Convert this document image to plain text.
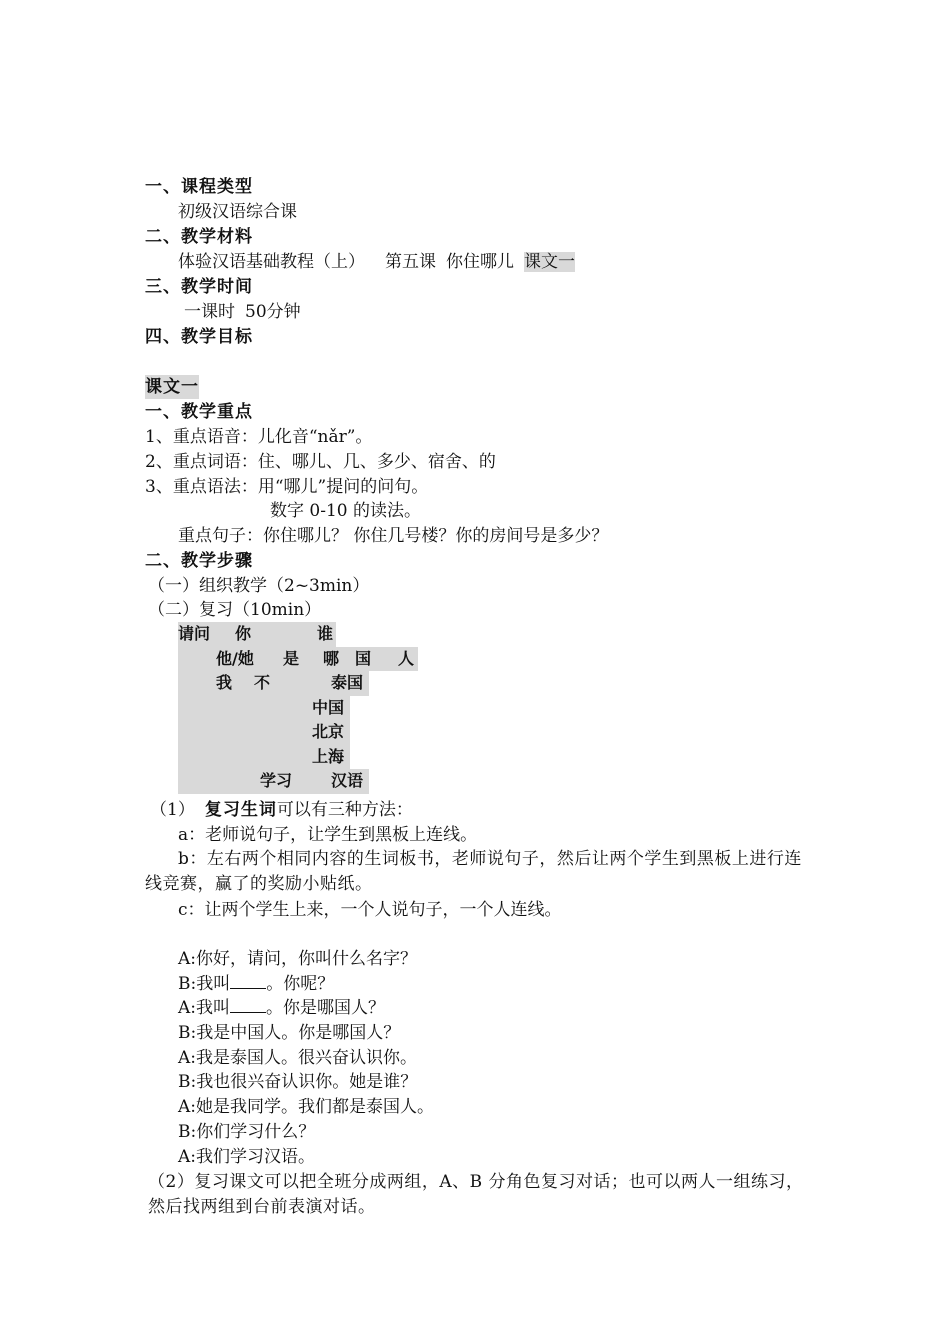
一、课程类型
初级汉语综合课
二、教学材料
体验汉语基础教程（上） 第五课 你住哪儿 课文一
三、教学时间
一课时 50分钟
四、教学目标
课文一
一、教学重点
1、重点语音：儿化音“nǎr”。
2、重点词语：住、哪儿、几、多少、宿舍、的
3、重点语法：用“哪儿”提问的问句。
数字 0-10 的读法。
重点句子：你住哪儿？ 你住几号楼？你的房间号是多少？
二、教学步骤
（一）组织教学（2~3min）
（二）复习（10min）
请问 你	谁
他/她 是 哪 国 人
我 不	泰国
中国
北京
上海
学习 汉语
（1） 复习生词可以有三种方法：
a：老师说句子，让学生到黑板上连线。
b：左右两个相同内容的生词板书，老师说句子，然后让两个学生到黑板上进行连线竞赛，赢了的奖励小贴纸。
c：让两个学生上来，一个人说句子，一个人连线。
A:你好，请问，你叫什么名字？
B:我叫 。你呢？
A:我叫 。你是哪国人？
B:我是中国人。你是哪国人？
A:我是泰国人。很兴奋认识你。
B:我也很兴奋认识你。她是谁？
A:她是我同学。我们都是泰国人。
B:你们学习什么？
A:我们学习汉语。
（2）复习课文可以把全班分成两组，A、B 分角色复习对话；也可以两人一组练习，然后找两组到台前表演对话。
